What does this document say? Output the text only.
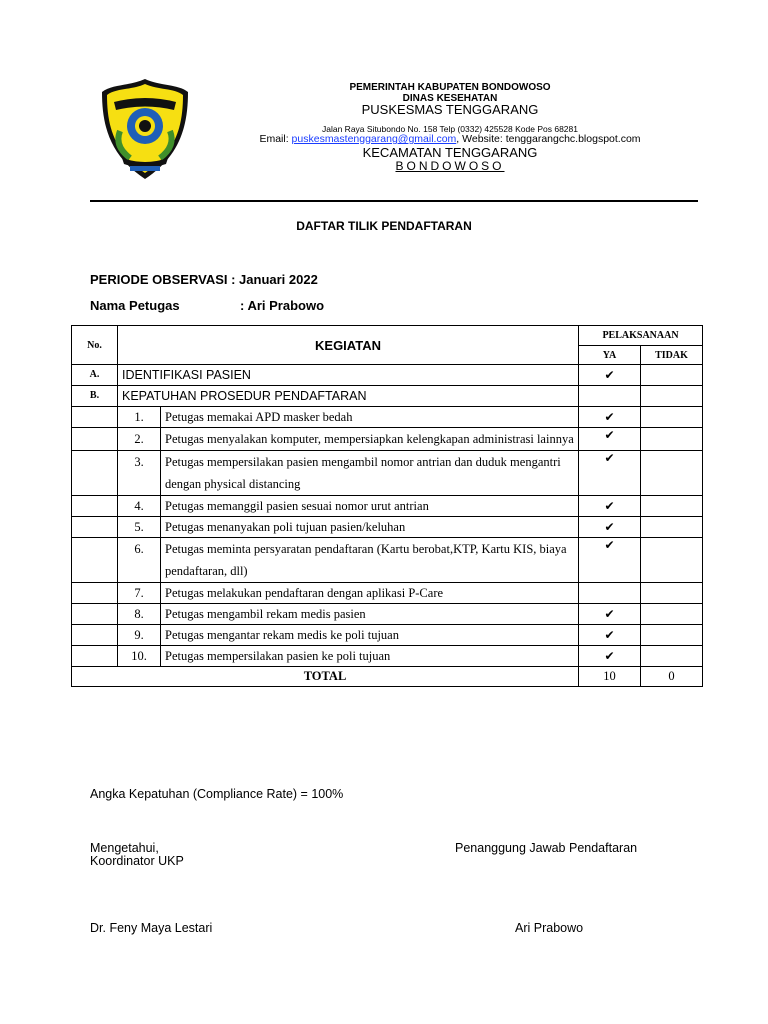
PEMERINTAH KABUPATEN BONDOWOSO
DINAS KESEHATAN
PUSKESMAS TENGGARANG
Jalan Raya Situbondo No. 158 Telp (0332) 425528 Kode Pos 68281
Email: puskesmastenggarang@gmail.com, Website: tenggarangchc.blogspot.com
KECAMATAN TENGGARANG
BONDOWOSO
DAFTAR TILIK PENDAFTARAN
PERIODE OBSERVASI : Januari 2022
Nama Petugas	: Ari Prabowo
No.	KEGIATAN		PELAKSANAAN	
			YA	TIDAK
A.	IDENTIFIKASI PASIEN		✔	
B.	KEPATUHAN PROSEDUR PENDAFTARAN			
	1.	Petugas memakai APD masker bedah	✔	
	2.	Petugas menyalakan komputer, mempersiapkan kelengkapan administrasi lainnya	✔	
	3.	Petugas mempersilakan pasien mengambil nomor antrian dan duduk mengantri dengan physical distancing	✔	
	4.	Petugas memanggil pasien sesuai nomor urut antrian	✔	
	5.	Petugas menanyakan poli tujuan pasien/keluhan	✔	
	6.	Petugas meminta persyaratan pendaftaran (Kartu berobat,KTP, Kartu KIS, biaya pendaftaran, dll)	✔	
	7.	Petugas melakukan pendaftaran dengan aplikasi P-Care		
	8.	Petugas mengambil rekam medis pasien	✔	
	9.	Petugas mengantar rekam medis ke poli tujuan	✔	
	10.	Petugas mempersilakan pasien ke poli tujuan	✔	
TOTAL			10	0
Angka Kepatuhan (Compliance Rate) = 100%
Mengetahui,
Koordinator UKP
Penanggung Jawab Pendaftaran
Dr. Feny Maya Lestari	Ari Prabowo
